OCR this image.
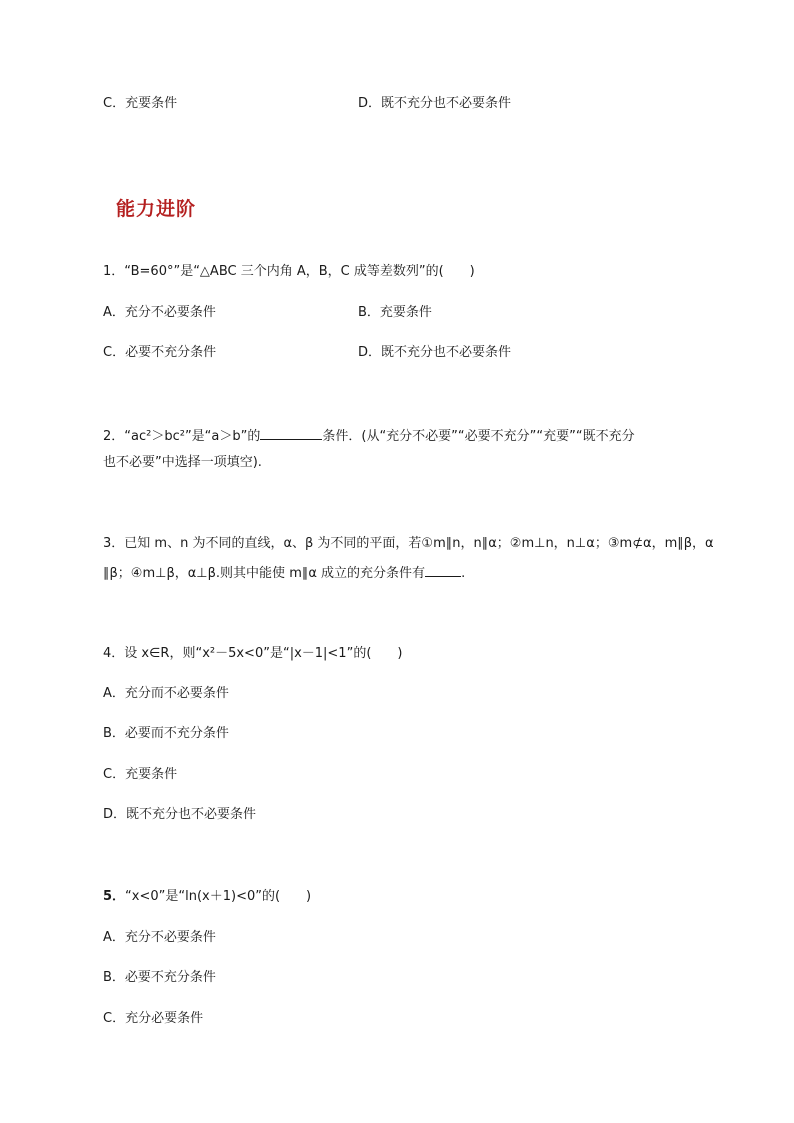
C．充要条件	D．既不充分也不必要条件
能力进阶
1．“B=60°”是“△ABC 三个内角 A，B，C 成等差数列”的(　　)
A．充分不必要条件	B．充要条件
C．必要不充分条件	D．既不充分也不必要条件
2．“ac²＞bc²”是“a＞b”的	条件．(从“充分不必要”“必要不充分”“充要”“既不充分
也不必要”中选择一项填空).
3．已知 m、n 为不同的直线，α、β 为不同的平面，若①m∥n，n∥α；②m⊥n，n⊥α；③m⊄α，m∥β，α
∥β；④m⊥β，α⊥β.则其中能使 m∥α 成立的充分条件有	.
4．设 x∈R，则“x²－5x<0”是“|x－1|<1”的(　　)
A．充分而不必要条件
B．必要而不充分条件
C．充要条件
D．既不充分也不必要条件
5．“x<0”是“ln(x＋1)<0”的(　　)
A．充分不必要条件
B．必要不充分条件
C．充分必要条件
